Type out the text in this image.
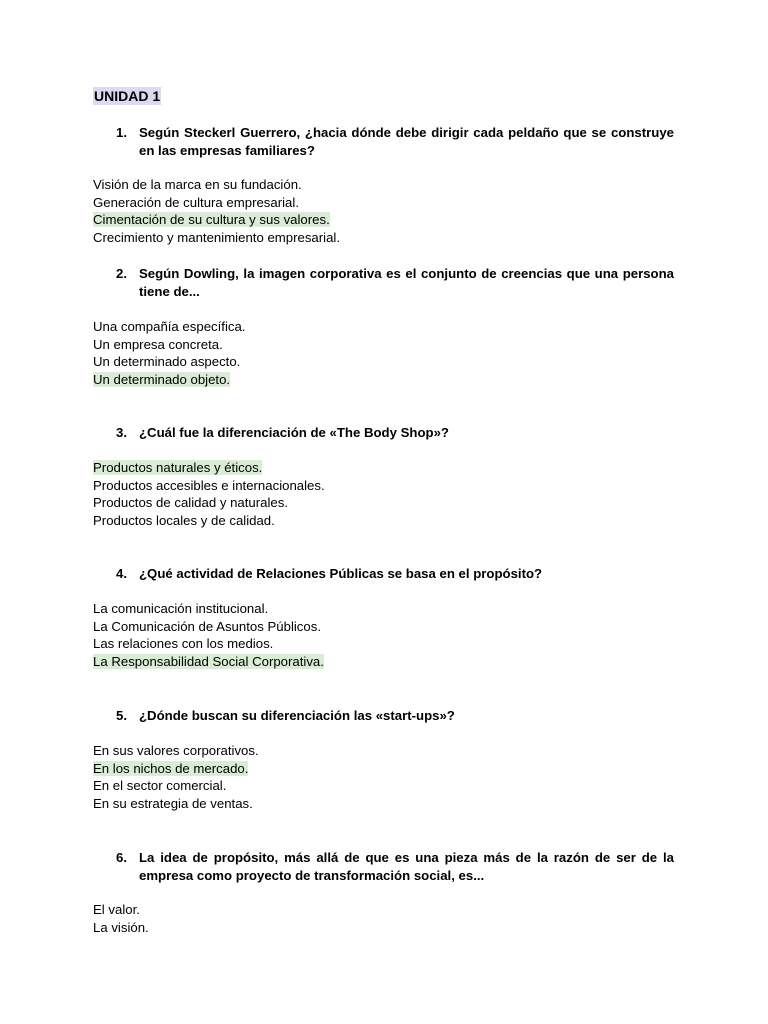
UNIDAD 1
1. Según Steckerl Guerrero, ¿hacia dónde debe dirigir cada peldaño que se construye en las empresas familiares?
Visión de la marca en su fundación.
Generación de cultura empresarial.
Cimentación de su cultura y sus valores.
Crecimiento y mantenimiento empresarial.
2. Según Dowling, la imagen corporativa es el conjunto de creencias que una persona tiene de...
Una compañía específica.
Un empresa concreta.
Un determinado aspecto.
Un determinado objeto.
3. ¿Cuál fue la diferenciación de «The Body Shop»?
Productos naturales y éticos.
Productos accesibles e internacionales.
Productos de calidad y naturales.
Productos locales y de calidad.
4. ¿Qué actividad de Relaciones Públicas se basa en el propósito?
La comunicación institucional.
La Comunicación de Asuntos Públicos.
Las relaciones con los medios.
La Responsabilidad Social Corporativa.
5. ¿Dónde buscan su diferenciación las «start-ups»?
En sus valores corporativos.
En los nichos de mercado.
En el sector comercial.
En su estrategia de ventas.
6. La idea de propósito, más allá de que es una pieza más de la razón de ser de la empresa como proyecto de transformación social, es...
El valor.
La visión.
